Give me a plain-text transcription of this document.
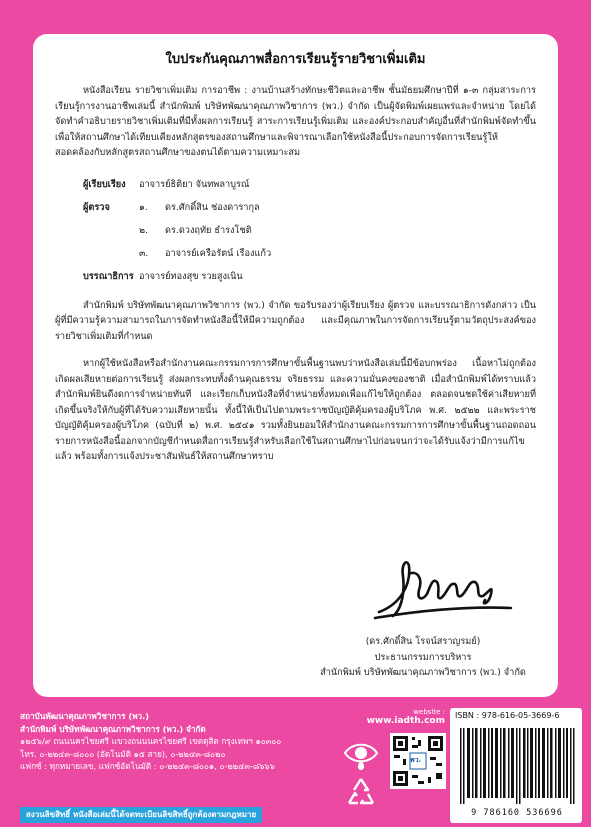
ใบประกันคุณภาพสื่อการเรียนรู้รายวิชาเพิ่มเติม

หนังสือเรียน รายวิชาเพิ่มเติม การอาชีพ : งานบ้านสร้างทักษะชีวิตและอาชีพ ชั้นมัธยมศึกษาปีที่ ๑-๓ กลุ่มสาระการเรียนรู้การงานอาชีพเล่มนี้ สำนักพิมพ์ บริษัทพัฒนาคุณภาพวิชาการ (พว.) จำกัด เป็นผู้จัดพิมพ์เผยแพร่และจำหน่าย โดยได้จัดทำคำอธิบายรายวิชาเพิ่มเติมที่มีทั้งผลการเรียนรู้ สาระการเรียนรู้เพิ่มเติม และองค์ประกอบสำคัญอื่นที่สำนักพิมพ์จัดทำขึ้น เพื่อให้สถานศึกษาได้เทียบเคียงหลักสูตรของสถานศึกษาและพิจารณาเลือกใช้หนังสือนี้ประกอบการจัดการเรียนรู้ให้สอดคล้องกับหลักสูตรสถานศึกษาของตนได้ตามความเหมาะสม

ผู้เรียบเรียง	อาจารย์ธิติยา จันทพลาบูรณ์
ผู้ตรวจ	๑.	ดร.ศักดิ์สิน ช่องดารากุล
๒.	ดร.ดวงฤทัย ธำรงโชติ
๓.	อาจารย์เครือรัตน์ เรืองแก้ว
บรรณาธิการ อาจารย์ทองสุข รวยสูงเนิน

สำนักพิมพ์ บริษัทพัฒนาคุณภาพวิชาการ (พว.) จำกัด ขอรับรองว่าผู้เรียบเรียง ผู้ตรวจ และบรรณาธิการดังกล่าว เป็นผู้ที่มีความรู้ความสามารถในการจัดทำหนังสือนี้ให้มีความถูกต้อง และมีคุณภาพในการจัดการเรียนรู้ตามวัตถุประสงค์ของรายวิชาเพิ่มเติมที่กำหนด

หากผู้ใช้หนังสือหรือสำนักงานคณะกรรมการการศึกษาขั้นพื้นฐานพบว่าหนังสือเล่มนี้มีข้อบกพร่อง เนื้อหาไม่ถูกต้อง เกิดผลเสียหายต่อการเรียนรู้ ส่งผลกระทบทั้งด้านคุณธรรม จริยธรรม และความมั่นคงของชาติ เมื่อสำนักพิมพ์ได้ทราบแล้ว สำนักพิมพ์ยินดีงดการจำหน่ายทันที และเรียกเก็บหนังสือที่จำหน่ายทั้งหมดเพื่อแก้ไขให้ถูกต้อง ตลอดจนชดใช้ค่าเสียหายที่เกิดขึ้นจริงให้กับผู้ที่ได้รับความเสียหายนั้น ทั้งนี้ให้เป็นไปตามพระราชบัญญัติคุ้มครองผู้บริโภค พ.ศ. ๒๕๒๒ และพระราชบัญญัติคุ้มครองผู้บริโภค (ฉบับที่ ๒) พ.ศ. ๒๕๔๑ รวมทั้งยินยอมให้สำนักงานคณะกรรมการการศึกษาขั้นพื้นฐานถอดถอนรายการหนังสือนี้ออกจากบัญชีกำหนดสื่อการเรียนรู้สำหรับเลือกใช้ในสถานศึกษาไปก่อนจนกว่าจะได้รับแจ้งว่ามีการแก้ไขแล้ว พร้อมทั้งการแจ้งประชาสัมพันธ์ให้สถานศึกษาทราบ

(ดร.ศักดิ์สิน โรจน์สราญรมย์)
ประธานกรรมการบริหาร
สำนักพิมพ์ บริษัทพัฒนาคุณภาพวิชาการ (พว.) จำกัด
สถาบันพัฒนาคุณภาพวิชาการ (พว.)
สำนักพิมพ์ บริษัทพัฒนาคุณภาพวิชาการ (พว.) จำกัด
๑๒๕๖/๙ ถนนนครไชยศรี แขวงถนนนครไชยศรี เขตดุสิต กรุงเทพฯ ๑๐๓๐๐
โทร. ๐-๒๒๔๓-๘๐๐๐ (อัตโนมัติ ๑๕ สาย), ๐-๒๒๔๓-๘๐๒๐
แฟกซ์ : ทุกหมายเลข, แฟกซ์อัตโนมัติ : ๐-๒๒๔๓-๘๐๐๑, ๐-๒๒๔๓-๘๖๖๖
website :
www.iadth.com
พว.
ISBN : 978-616-05-3669-6
9 786160 536696
สงวนลิขสิทธิ์ หนังสือเล่มนี้ได้จดทะเบียนลิขสิทธิ์ถูกต้องตามกฎหมาย
